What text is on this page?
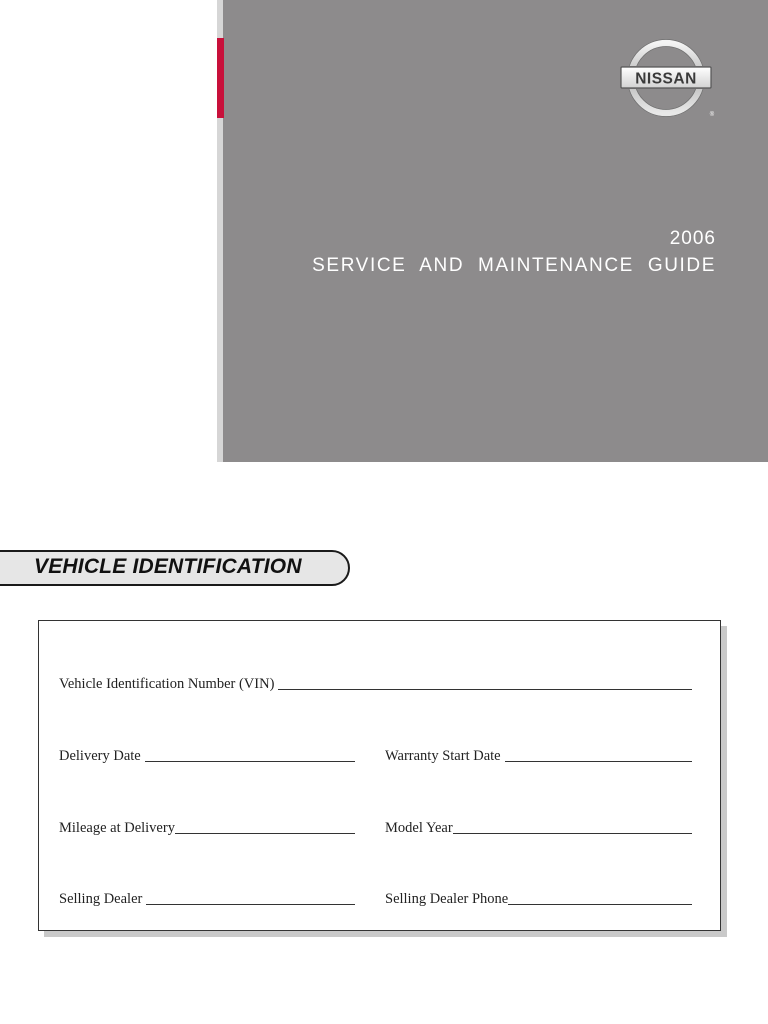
NISSAN
®
2006
SERVICE AND MAINTENANCE GUIDE
VEHICLE IDENTIFICATION
Vehicle Identification Number (VIN)
Delivery Date	Warranty Start Date
Mileage at Delivery	Model Year
Selling Dealer	Selling Dealer Phone
